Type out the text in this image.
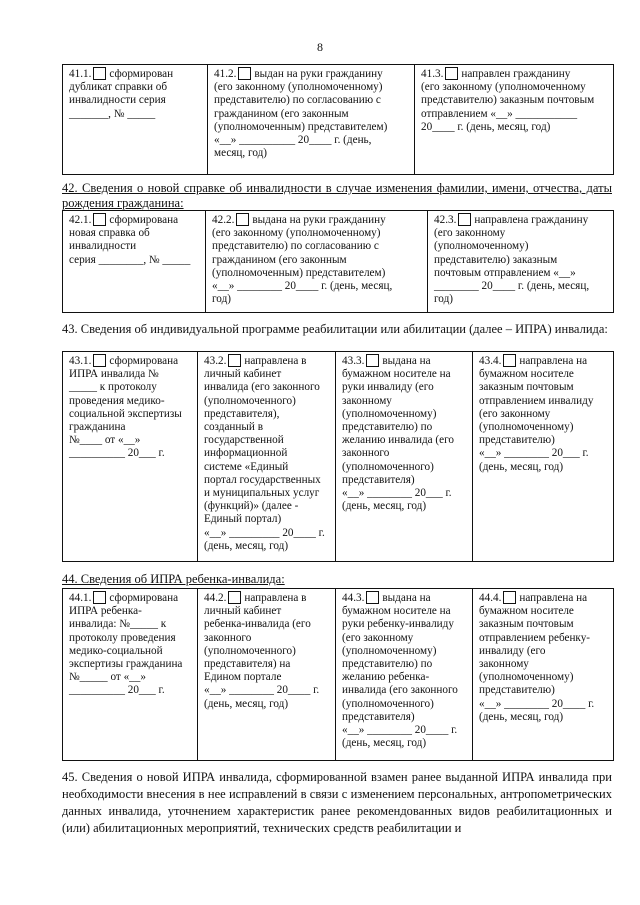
8
41.1. сформирован
дубликат справки об
инвалидности серия
_______, № _____	41.2. выдан на руки гражданину
(его законному (уполномоченному)
представителю) по согласованию с
гражданином (его законным
(уполномоченным) представителем)
«__» __________ 20____ г. (день,
месяц, год)	41.3. направлен гражданину
(его законному (уполномоченному
представителю) заказным почтовым
отправлением «__» ___________
20____ г. (день, месяц, год)
42. Сведения о новой справке об инвалидности в случае изменения фамилии, имени, отчества, даты рождения гражданина:
42.1. сформирована
новая справка об
инвалидности
серия ________, № _____	42.2. выдана на руки гражданину
(его законному (уполномоченному)
представителю) по согласованию с
гражданином (его законным
(уполномоченным) представителем)
«__» ________ 20____ г. (день, месяц,
год)	42.3. направлена гражданину
(его законному
(уполномоченному)
представителю) заказным
почтовым отправлением «__»
________ 20____ г. (день, месяц,
год)
43. Сведения об индивидуальной программе реабилитации или абилитации (далее – ИПРА) инвалида:
43.1. сформирована
ИПРА инвалида №
_____ к протоколу
проведения медико-
социальной экспертизы
гражданина
№____ от «__»
__________ 20___ г.	43.2. направлена в
личный кабинет
инвалида (его законного
(уполномоченного)
представителя),
созданный в
государственной
информационной
системе «Единый
портал государственных
и муниципальных услуг
(функций)» (далее -
Единый портал)
«__» _________ 20____ г.
(день, месяц, год)	43.3. выдана на
бумажном носителе на
руки инвалиду (его
законному
(уполномоченному)
представителю) по
желанию инвалида (его
законного
(уполномоченного)
представителя)
«__» ________ 20___ г.
(день, месяц, год)	43.4. направлена на
бумажном носителе
заказным почтовым
отправлением инвалиду
(его законному
(уполномоченному)
представителю)
«__» ________ 20___ г.
(день, месяц, год)
44. Сведения об ИПРА ребенка-инвалида:
44.1. сформирована
ИПРА ребенка-
инвалида: №_____ к
протоколу проведения
медико-социальной
экспертизы гражданина
№_____ от «__»
__________ 20___ г.	44.2. направлена в
личный кабинет
ребенка-инвалида (его
законного
(уполномоченного)
представителя) на
Едином портале
«__» ________ 20____ г.
(день, месяц, год)	44.3. выдана на
бумажном носителе на
руки ребенку-инвалиду
(его законному
(уполномоченному)
представителю) по
желанию ребенка-
инвалида (его законного
(уполномоченного)
представителя)
«__» ________ 20____ г.
(день, месяц, год)	44.4. направлена на
бумажном носителе
заказным почтовым
отправлением ребенку-
инвалиду (его
законному
(уполномоченному)
представителю)
«__» ________ 20____ г.
(день, месяц, год)
45. Сведения о новой ИПРА инвалида, сформированной взамен ранее выданной ИПРА инвалида при необходимости внесения в нее исправлений в связи с изменением персональных, антропометрических данных инвалида, уточнением характеристик ранее рекомендованных видов реабилитационных и (или) абилитационных мероприятий, технических средств реабилитации и
